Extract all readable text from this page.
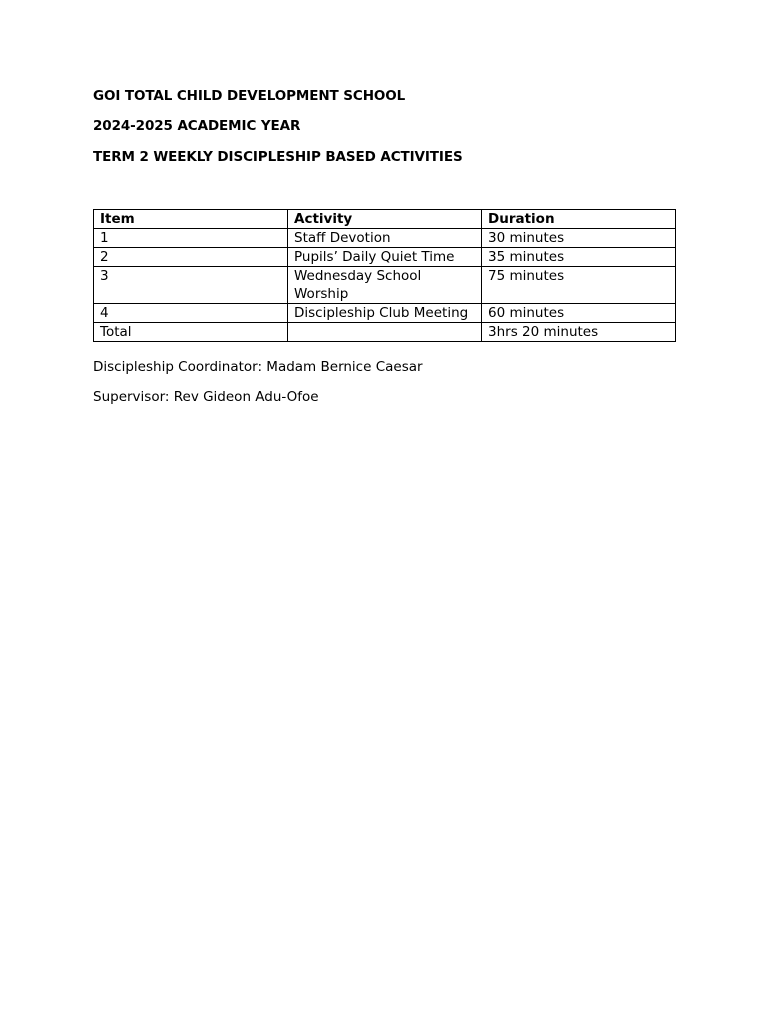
GOI TOTAL CHILD DEVELOPMENT SCHOOL
2024-2025 ACADEMIC YEAR
TERM 2 WEEKLY DISCIPLESHIP BASED ACTIVITIES
Item	Activity	Duration
1	Staff Devotion	30 minutes
2	Pupils’ Daily Quiet Time	35 minutes
3	Wednesday School Worship	75 minutes
4	Discipleship Club Meeting	60 minutes
Total		3hrs 20 minutes
Discipleship Coordinator: Madam Bernice Caesar
Supervisor: Rev Gideon Adu-Ofoe
